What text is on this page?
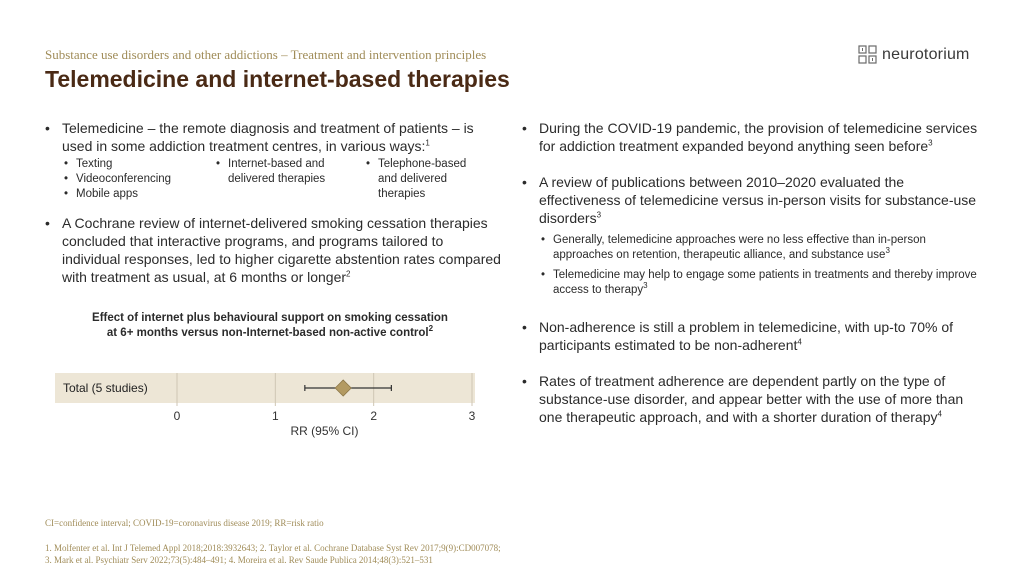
Substance use disorders and other addictions – Treatment and intervention principles
Telemedicine and internet-based therapies
neurotorium
• Telemedicine – the remote diagnosis and treatment of patients – is used in some addiction treatment centres, in various ways:$^1$
• Texting
• Videoconferencing
• Mobile apps
• Internet-based and delivered therapies
• Telephone-based and delivered therapies
• A Cochrane review of internet-delivered smoking cessation therapies concluded that interactive programs, and programs tailored to individual responses, led to higher cigarette abstention rates compared with treatment as usual, at 6 months or longer$^2$
Effect of internet plus behavioural support on smoking cessation
at 6+ months versus non-Internet-based non-active control$^2$
0	1	2	3
RR (95% CI)
Total (5 studies)
• During the COVID-19 pandemic, the provision of telemedicine services for addiction treatment expanded beyond anything seen before$^3$
• A review of publications between 2010–2020 evaluated the effectiveness of telemedicine versus in-person visits for substance-use disorders$^3$
• Generally, telemedicine approaches were no less effective than in-person approaches on retention, therapeutic alliance, and substance use$^3$
• Telemedicine may help to engage some patients in treatments and thereby improve access to therapy$^3$
• Non-adherence is still a problem in telemedicine, with up-to 70% of participants estimated to be non-adherent$^4$
• Rates of treatment adherence are dependent partly on the type of substance-use disorder, and appear better with the use of more than one therapeutic approach, and with a shorter duration of therapy$^4$
CI=confidence interval; COVID-19=coronavirus disease 2019; RR=risk ratio
1. Molfenter et al. Int J Telemed Appl 2018;2018:3932643; 2. Taylor et al. Cochrane Database Syst Rev 2017;9(9):CD007078;
3. Mark et al. Psychiatr Serv 2022;73(5):484–491; 4. Moreira et al. Rev Saude Publica 2014;48(3):521–531
